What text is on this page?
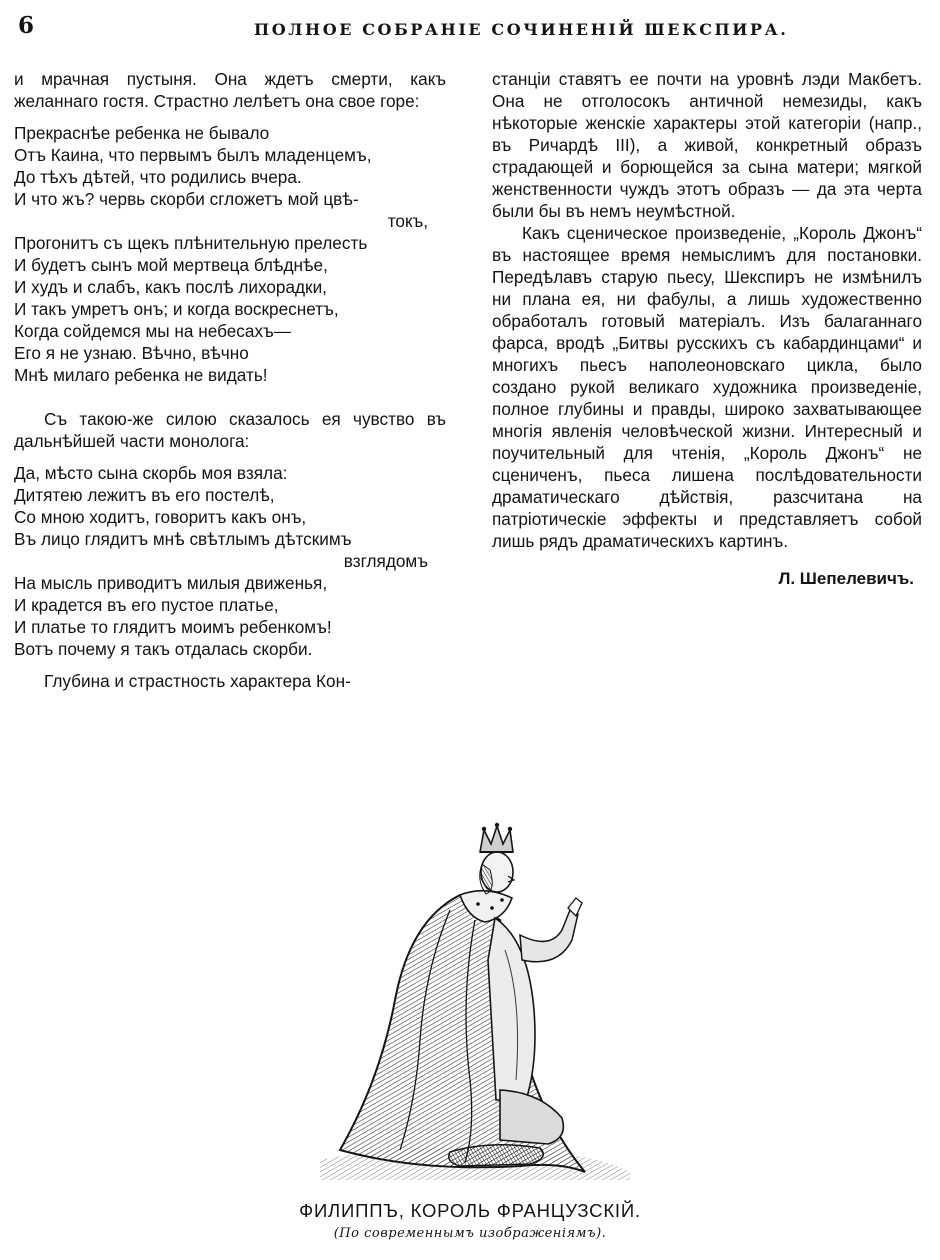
6	ПОЛНОЕ СОБРАНІЕ СОЧИНЕНІЙ ШЕКСПИРА.

и мрачная пустыня. Она ждетъ смерти, какъ желаннаго гостя. Страстно лелѣетъ она свое горе:

Прекраснѣе ребенка не бывало
Отъ Каина, что первымъ былъ младенцемъ,
До тѣхъ дѣтей, что родились вчера.
И что жъ? червь скорби сгложетъ мой цвѣ-
токъ,
Прогонитъ съ щекъ плѣнительную прелесть
И будетъ сынъ мой мертвеца блѣднѣе,
И худъ и слабъ, какъ послѣ лихорадки,
И такъ умретъ онъ; и когда воскреснетъ,
Когда сойдемся мы на небесахъ—
Его я не узнаю. Вѣчно, вѣчно
Мнѣ милаго ребенка не видать!

Съ такою-же силою сказалось ея чувство въ дальнѣйшей части монолога:

Да, мѣсто сына скорбь моя взяла:
Дитятею лежитъ въ его постелѣ,
Со мною ходитъ, говоритъ какъ онъ,
Въ лицо глядитъ мнѣ свѣтлымъ дѣтскимъ
взглядомъ
На мысль приводитъ милыя движенья,
И крадется въ его пустое платье,
И платье то глядитъ моимъ ребенкомъ!
Вотъ почему я такъ отдалась скорби.

Глубина и страстность характера Кон-

станціи ставятъ ее почти на уровнѣ лэди Макбетъ. Она не отголосокъ античной немезиды, какъ нѣкоторые женскіе характеры этой категоріи (напр., въ Ричардѣ III), а живой, конкретный образъ страдающей и борющейся за сына матери; мягкой женственности чуждъ этотъ образъ — да эта черта были бы въ немъ неумѣстной.

Какъ сценическое произведеніе, „Король Джонъ“ въ настоящее время немыслимъ для постановки. Передѣлавъ старую пьесу, Шекспиръ не измѣнилъ ни плана ея, ни фабулы, а лишь художественно обработалъ готовый матеріалъ. Изъ балаганнаго фарса, вродѣ „Битвы русскихъ съ кабардинцами“ и многихъ пьесъ наполеоновскаго цикла, было создано рукой великаго художника произведеніе, полное глубины и правды, широко захватывающее многія явленія человѣческой жизни. Интересный и поучительный для чтенія, „Король Джонъ“ не сцениченъ, пьеса лишена послѣдовательности драматическаго дѣйствія, разсчитана на патріотическіе эффекты и представляетъ собой лишь рядъ драматическихъ картинъ.

Л. Шепелевичъ.
ФИЛИППЪ, КОРОЛЬ ФРАНЦУЗСКІЙ.
(По современнымъ изображеніямъ).
